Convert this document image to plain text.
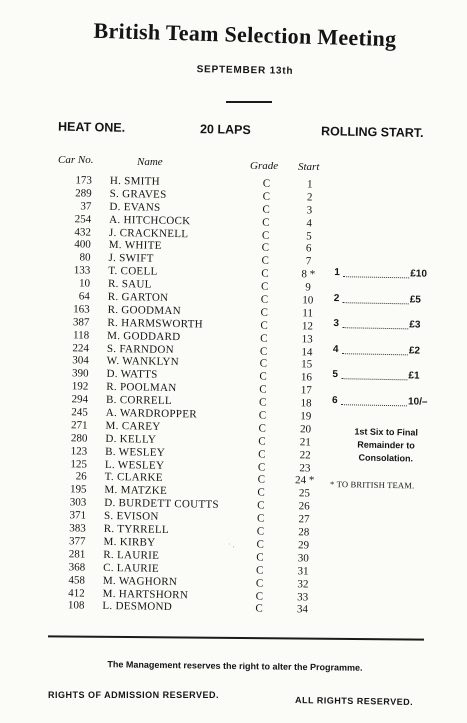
British Team Selection Meeting
SEPTEMBER 13th
HEAT ONE.	20 LAPS	ROLLING START.
Car No.	Name	Grade Start
173 H. SMITH	C	1
289 S. GRAVES	C	2
37 D. EVANS	C	3
254 A. HITCHCOCK	C	4
432 J. CRACKNELL	C	5
400 M. WHITE	C	6
80 J. SWIFT	C	7
133 T. COELL	C	8 *
10 R. SAUL	C	9
64 R. GARTON	C	10
163 R. GOODMAN	C	11
387 R. HARMSWORTH	C	12
118 M. GODDARD	C	13
224 S. FARNDON	C	14
304 W. WANKLYN	C	15
390 D. WATTS	C	16
192 R. POOLMAN	C	17
294 B. CORRELL	C	18
245 A. WARDROPPER	C	19
271 M. CAREY	C	20
280 D. KELLY	C	21
123 B. WESLEY	C	22
125 L. WESLEY	C	23
26 T. CLARKE	C	24 *
195 M. MATZKE	C	25
303 D. BURDETT COUTTS	C	26
371 S. EVISON	C	27
383 R. TYRRELL	C	28
377 M. KIRBY	C	29
281 R. LAURIE	C	30
368 C. LAURIE	C	31
458 M. WAGHORN	C	32
412 M. HARTSHORN	C	33
108 L. DESMOND	C	34
1	£10
2	£5
3	£3
4	£2
5	£1
6	10/–
1st Six to Final
Remainder to
Consolation.
* TO BRITISH TEAM.
· ,
The Management reserves the right to alter the Programme.
RIGHTS OF ADMISSION RESERVED.	ALL RIGHTS RESERVED.
